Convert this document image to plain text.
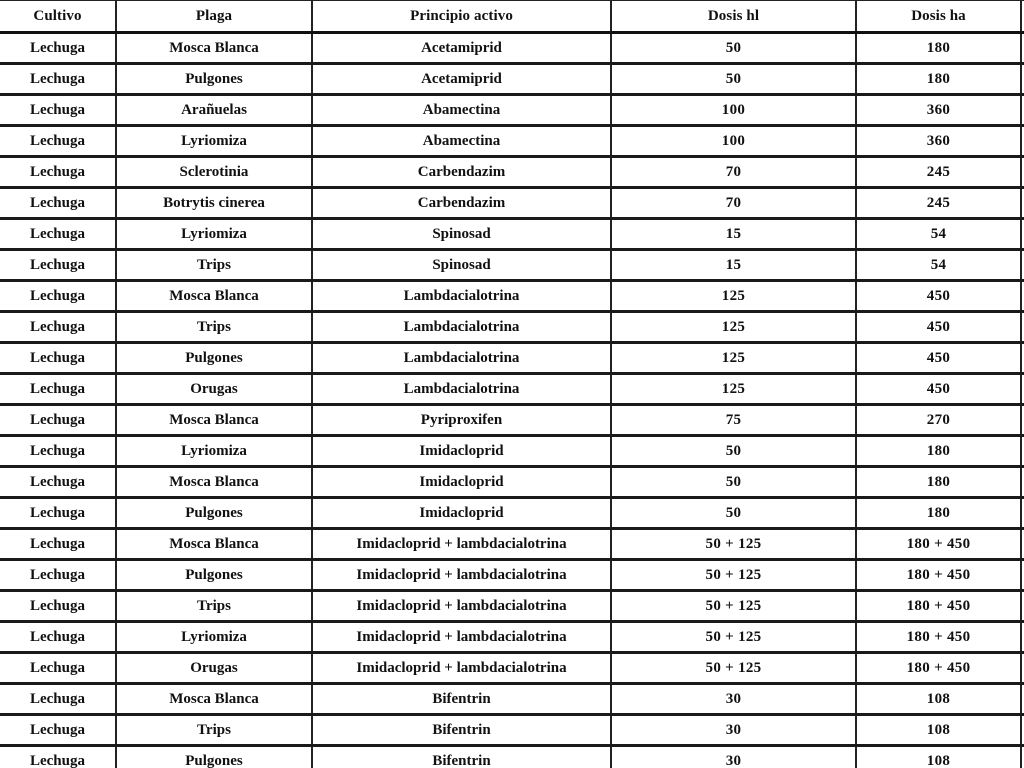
Cultivo	Plaga	Principio activo	Dosis hl	Dosis ha	
Lechuga	Mosca Blanca	Acetamiprid	50	180	
Lechuga	Pulgones	Acetamiprid	50	180	
Lechuga	Arañuelas	Abamectina	100	360	
Lechuga	Lyriomiza	Abamectina	100	360	
Lechuga	Sclerotinia	Carbendazim	70	245	
Lechuga	Botrytis cinerea	Carbendazim	70	245	
Lechuga	Lyriomiza	Spinosad	15	54	
Lechuga	Trips	Spinosad	15	54	
Lechuga	Mosca Blanca	Lambdacialotrina	125	450	
Lechuga	Trips	Lambdacialotrina	125	450	
Lechuga	Pulgones	Lambdacialotrina	125	450	
Lechuga	Orugas	Lambdacialotrina	125	450	
Lechuga	Mosca Blanca	Pyriproxifen	75	270	
Lechuga	Lyriomiza	Imidacloprid	50	180	
Lechuga	Mosca Blanca	Imidacloprid	50	180	
Lechuga	Pulgones	Imidacloprid	50	180	
Lechuga	Mosca Blanca	Imidacloprid + lambdacialotrina	50 + 125	180 + 450	
Lechuga	Pulgones	Imidacloprid + lambdacialotrina	50 + 125	180 + 450	
Lechuga	Trips	Imidacloprid + lambdacialotrina	50 + 125	180 + 450	
Lechuga	Lyriomiza	Imidacloprid + lambdacialotrina	50 + 125	180 + 450	
Lechuga	Orugas	Imidacloprid + lambdacialotrina	50 + 125	180 + 450	
Lechuga	Mosca Blanca	Bifentrin	30	108	
Lechuga	Trips	Bifentrin	30	108	
Lechuga	Pulgones	Bifentrin	30	108	
